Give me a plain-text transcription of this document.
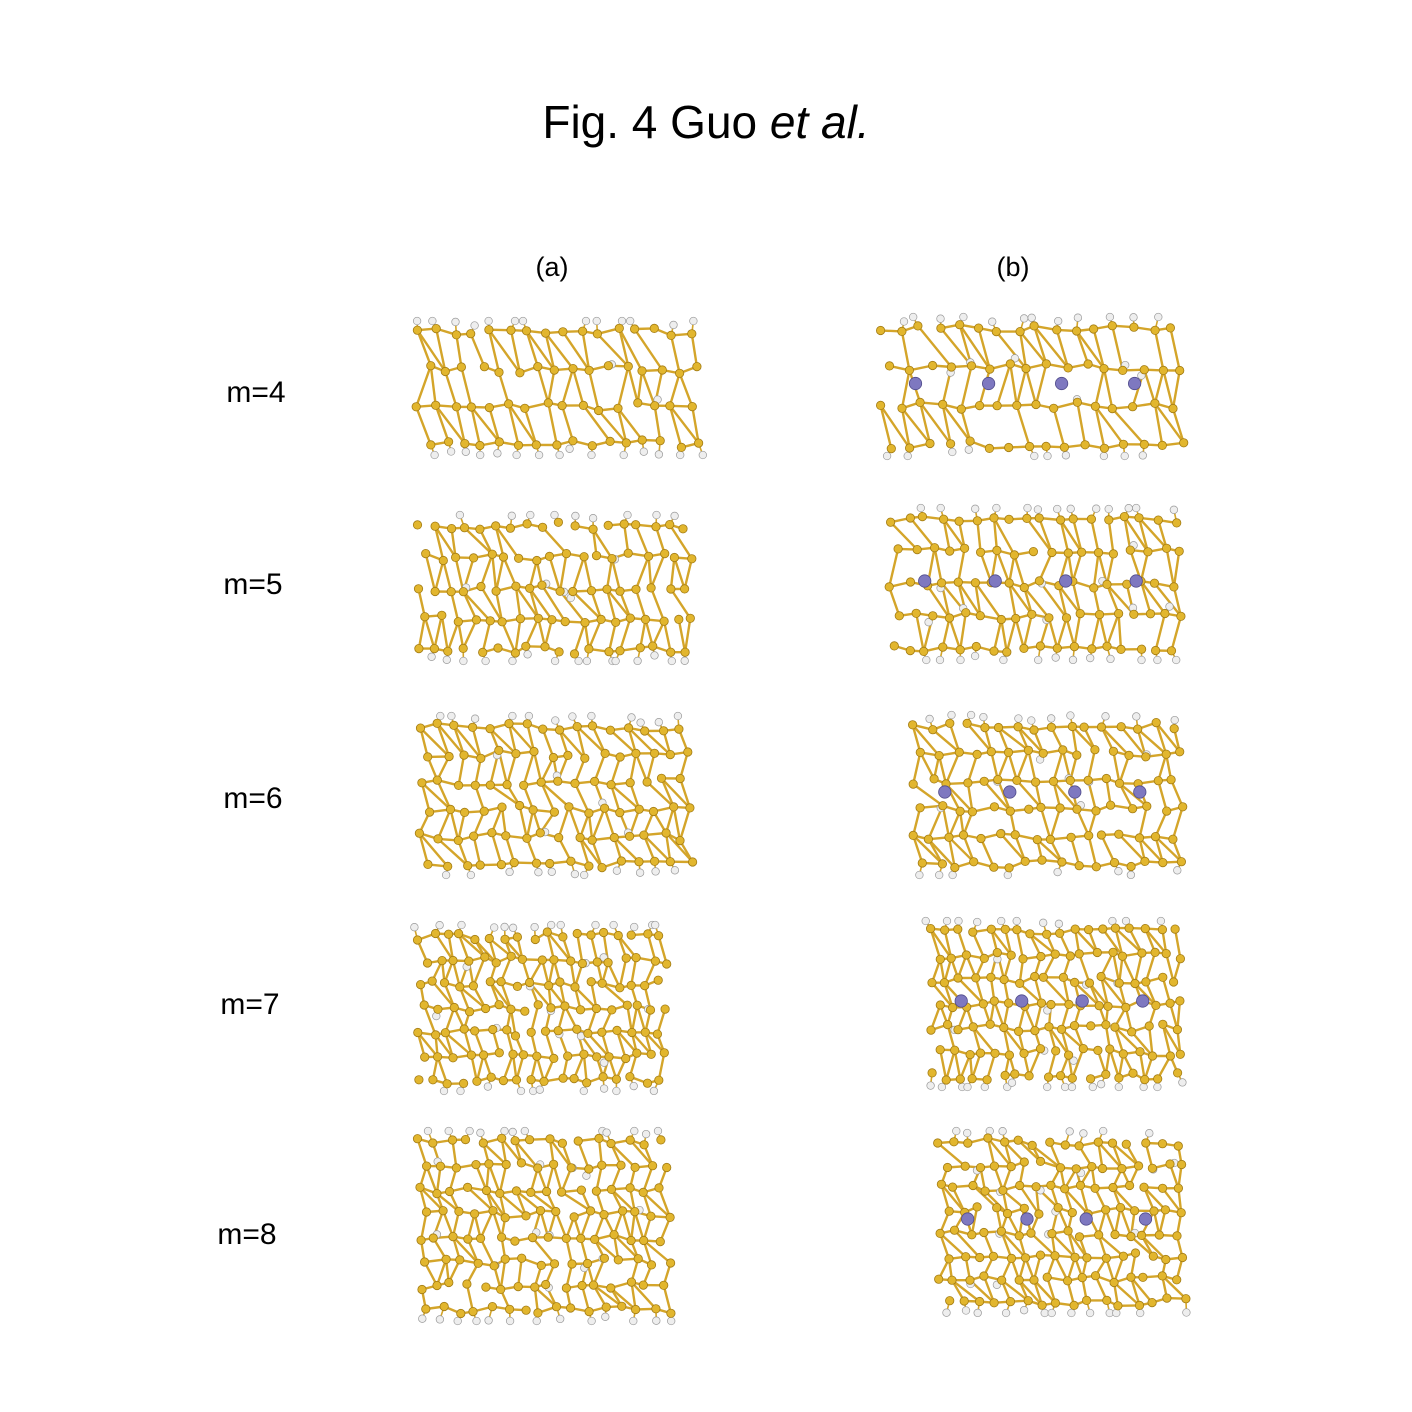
Fig. 4 Guo et al.
(a)	(b)
m=4
m=5
m=6
m=7
m=8
